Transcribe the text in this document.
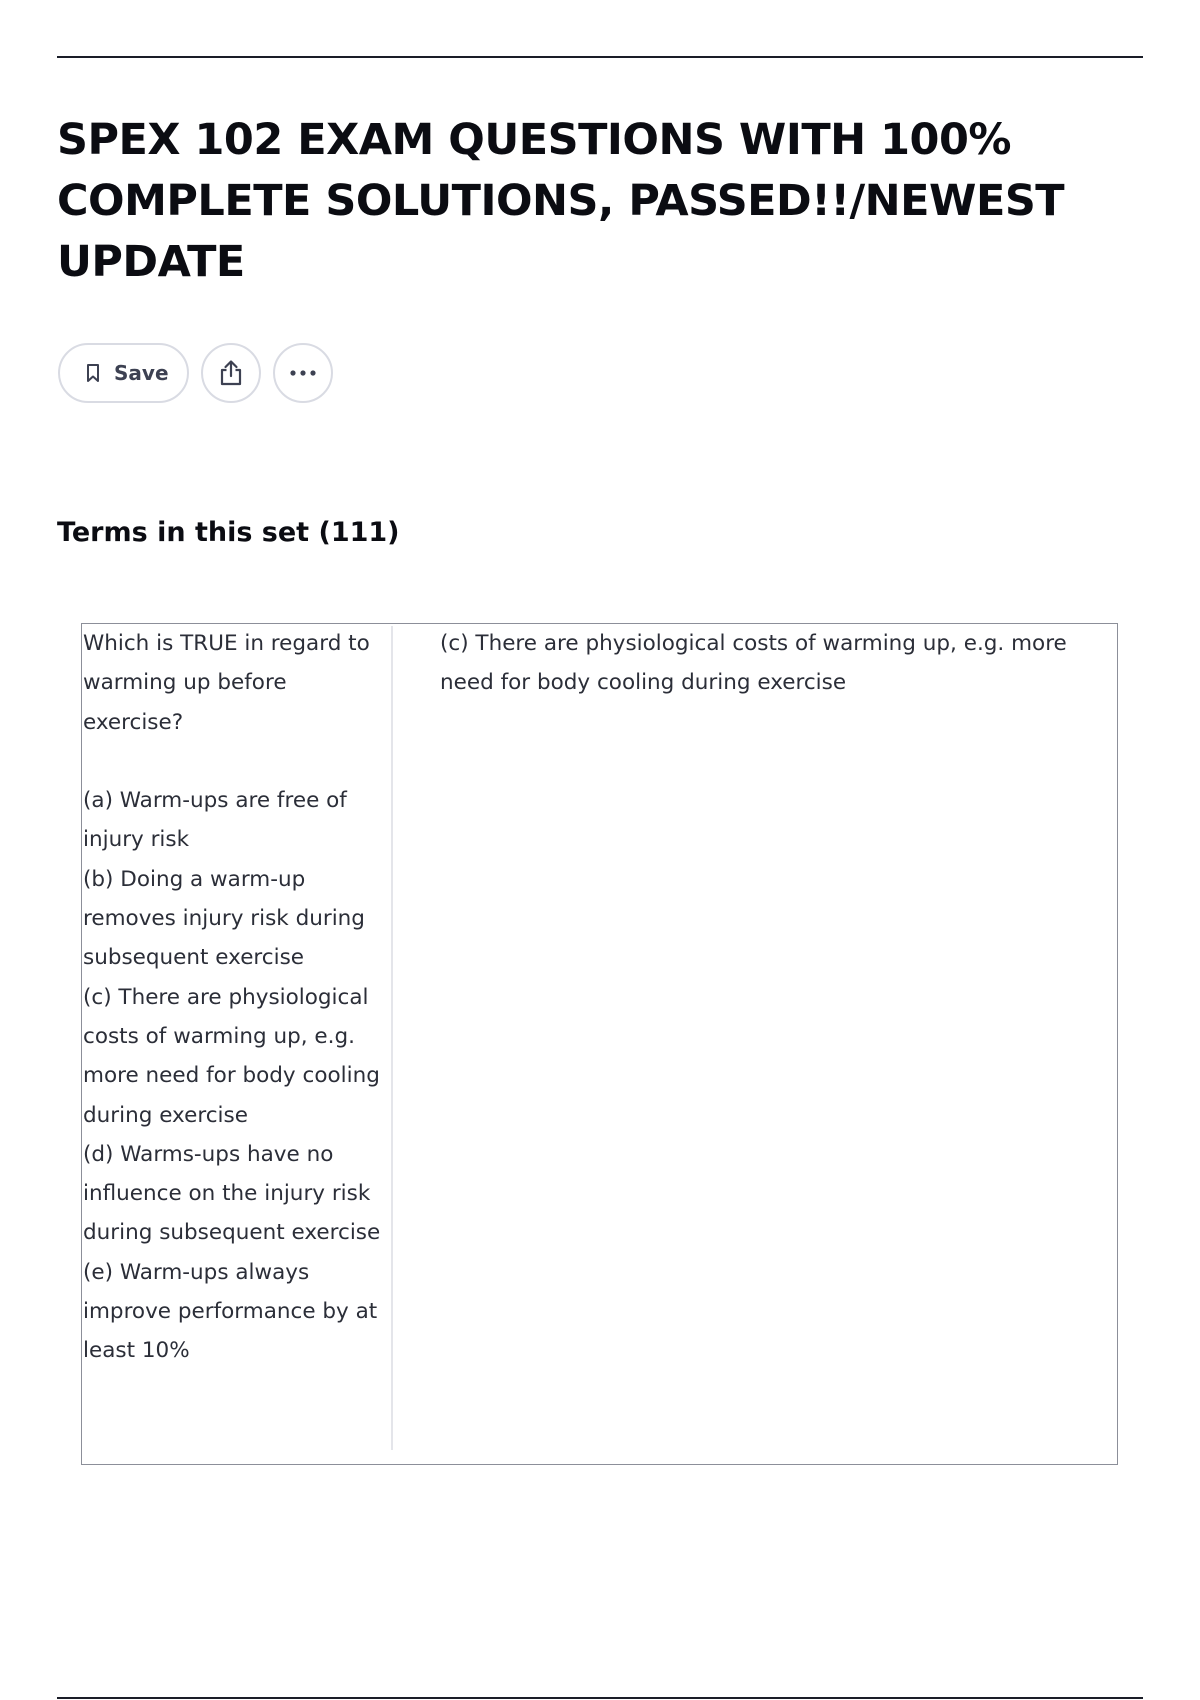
SPEX 102 EXAM QUESTIONS WITH 100% COMPLETE SOLUTIONS, PASSED!!/NEWEST UPDATE
Save
Terms in this set (111)
Which is TRUE in regard to warming up before exercise?

(a) Warm-ups are free of injury risk
(b) Doing a warm-up removes injury risk during subsequent exercise
(c) There are physiological costs of warming up, e.g. more need for body cooling during exercise
(d) Warms-ups have no influence on the injury risk during subsequent exercise
(e) Warm-ups always improve performance by at least 10%
(c) There are physiological costs of warming up, e.g. more need for body cooling during exercise
